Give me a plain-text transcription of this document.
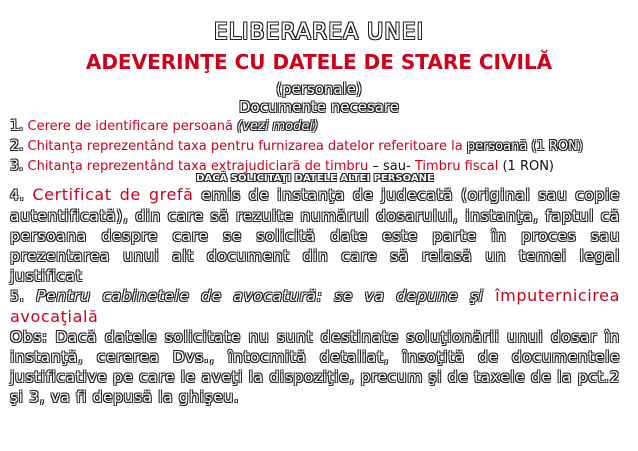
ELIBERAREA UNEI
ADEVERINŢE CU DATELE DE STARE CIVILĂ
(personale)
Documente necesare
1. Cerere de identificare persoană (vezi model)
2. Chitanţa reprezentând taxa pentru furnizarea datelor referitoare la persoană (1 RON)
3. Chitanţa reprezentând taxa extrajudiciară de timbru – sau- Timbru fiscal (1 RON)
DACĂ SOLICITAŢI DATELE ALTEI PERSOANE
4. Certificat de grefă emis de instanţa de judecată (original sau copie autentificată), din care să rezulte numărul dosarului, instanţa, faptul că persoana despre care se solicită date este parte în proces sau prezentarea unui alt document din care să reiasă un temei legal justificat
5. Pentru cabinetele de avocatură: se va depune şi împuternicirea avocaţială
Obs: Dacă datele solicitate nu sunt destinate soluţionării unui dosar în instanţă, cererea Dvs., întocmită detaliat, însoţită de documentele justificative pe care le aveţi la dispoziţie, precum şi de taxele de la pct.2 şi 3, va fi depusă la ghişeu.
